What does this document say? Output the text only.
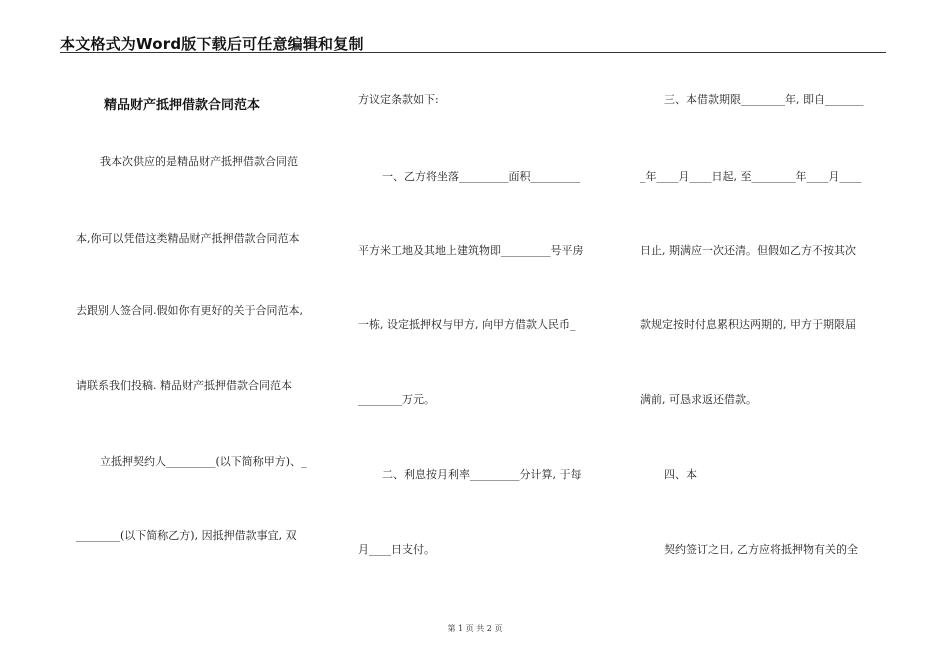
本文格式为Word版下载后可任意编辑和复制
精品财产抵押借款合同范本
我本次供应的是精品财产抵押借款合同范
本,你可以凭借这类精品财产抵押借款合同范本
去跟别人签合同.假如你有更好的关于合同范本,
请联系我们投稿. 精品财产抵押借款合同范本
立抵押契约人_________(以下简称甲方)、_
________(以下简称乙方), 因抵押借款事宜, 双
方议定条款如下:
一、乙方将坐落_________面积_________
平方米工地及其地上建筑物即_________号平房
一栋, 设定抵押权与甲方, 向甲方借款人民币_
________万元。
二、利息按月利率_________分计算, 于每
月____日支付。
三、本借款期限________年, 即自_______
_年____月____日起, 至________年____月____
日止, 期满应一次还清。但假如乙方不按其次
款规定按时付息累积达两期的, 甲方于期限届
满前, 可恳求返还借款。
四、本
契约签订之日, 乙方应将抵押物有关的全
第 1 页 共 2 页
